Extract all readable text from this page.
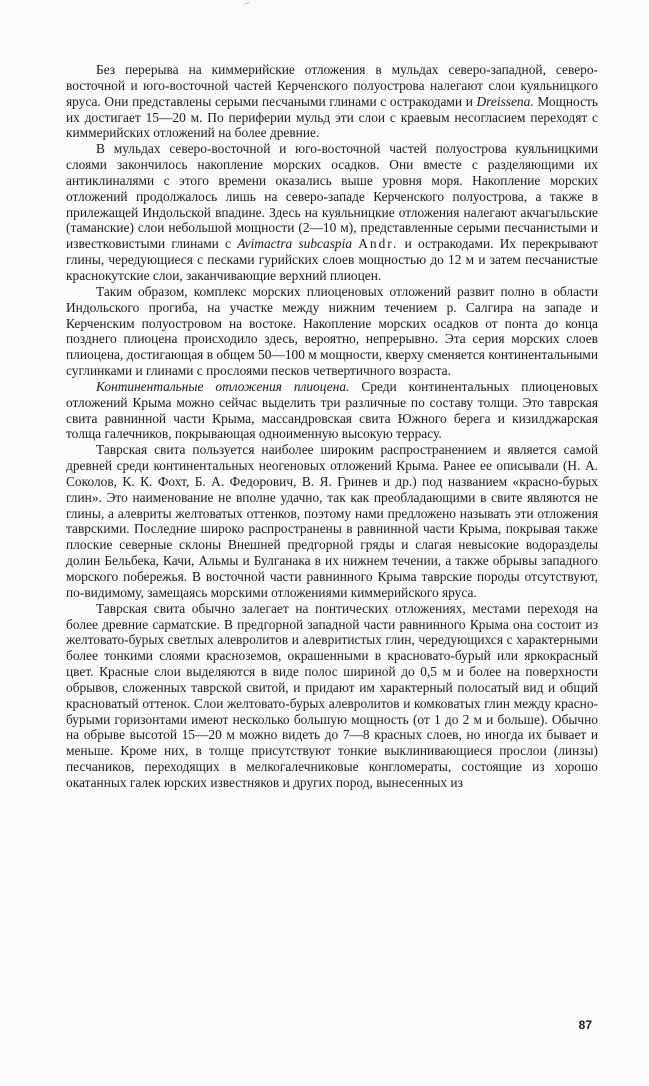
Без перерыва на киммерийские отложения в мульдах северо-западной, северо-восточной и юго-восточной частей Керченского полуострова налегают слои куяльницкого яруса. Они представлены серыми песчаными глинами с остракодами и Dreissena. Мощность их достигает 15—20 м. По периферии мульд эти слои с краевым несогласием переходят с киммерийских отложений на более древние.

В мульдах северо-восточной и юго-восточной частей полуострова куяльницкими слоями закончилось накопление морских осадков. Они вместе с разделяющими их антиклиналями с этого времени оказались выше уровня моря. Накопление морских отложений продолжалось лишь на северо-западе Керченского полуострова, а также в прилежащей Индольской впадине. Здесь на куяльницкие отложения налегают акчагыльские (таманские) слои небольшой мощности (2—10 м), представленные серыми песчанистыми и известковистыми глинами с Avimactra subcaspia Andr. и остракодами. Их перекрывают глины, чередующиеся с песками гурийских слоев мощностью до 12 м и затем песчанистые краснокутские слои, заканчивающие верхний плиоцен.

Таким образом, комплекс морских плиоценовых отложений развит полно в области Индольского прогиба, на участке между нижним течением р. Салгира на западе и Керченским полуостровом на востоке. Накопление морских осадков от понта до конца позднего плиоцена происходило здесь, вероятно, непрерывно. Эта серия морских слоев плиоцена, достигающая в общем 50—100 м мощности, кверху сменяется континентальными суглинками и глинами с прослоями песков четвертичного возраста.

Континентальные отложения плиоцена. Среди континентальных плиоценовых отложений Крыма можно сейчас выделить три различные по составу толщи. Это таврская свита равнинной части Крыма, массандровская свита Южного берега и кизилджарская толща галечников, покрывающая одноименную высокую террасу.

Таврская свита пользуется наиболее широким распространением и является самой древней среди континентальных неогеновых отложений Крыма. Ранее ее описывали (Н. А. Соколов, К. К. Фохт, Б. А. Федорович, В. Я. Гринев и др.) под названием «красно-бурых глин». Это наименование не вполне удачно, так как преобладающими в свите являются не глины, а алевриты желтоватых оттенков, поэтому нами предложено называть эти отложения таврскими. Последние широко распространены в равнинной части Крыма, покрывая также плоские северные склоны Внешней предгорной гряды и слагая невысокие водоразделы долин Бельбека, Качи, Альмы и Булганака в их нижнем течении, а также обрывы западного морского побережья. В восточной части равнинного Крыма таврские породы отсутствуют, по-видимому, замещаясь морскими отложениями киммерийского яруса.

Таврская свита обычно залегает на понтических отложениях, местами переходя на более древние сарматские. В предгорной западной части равнинного Крыма она состоит из желтовато-бурых светлых алевролитов и алевритистых глин, чередующихся с характерными более тонкими слоями красноземов, окрашенными в красновато-бурый или яркокрасный цвет. Красные слои выделяются в виде полос шириной до 0,5 м и более на поверхности обрывов, сложенных таврской свитой, и придают им характерный полосатый вид и общий красноватый оттенок. Слои желтовато-бурых алевролитов и комковатых глин между красно-бурыми горизонтами имеют несколько большую мощность (от 1 до 2 м и больше). Обычно на обрыве высотой 15—20 м можно видеть до 7—8 красных слоев, но иногда их бывает и меньше. Кроме них, в толще присутствуют тонкие выклинивающиеся прослои (линзы) песчаников, переходящих в мелкогалечниковые конгломераты, состоящие из хорошо окатанных галек юрских известняков и других пород, вынесенных из

87
